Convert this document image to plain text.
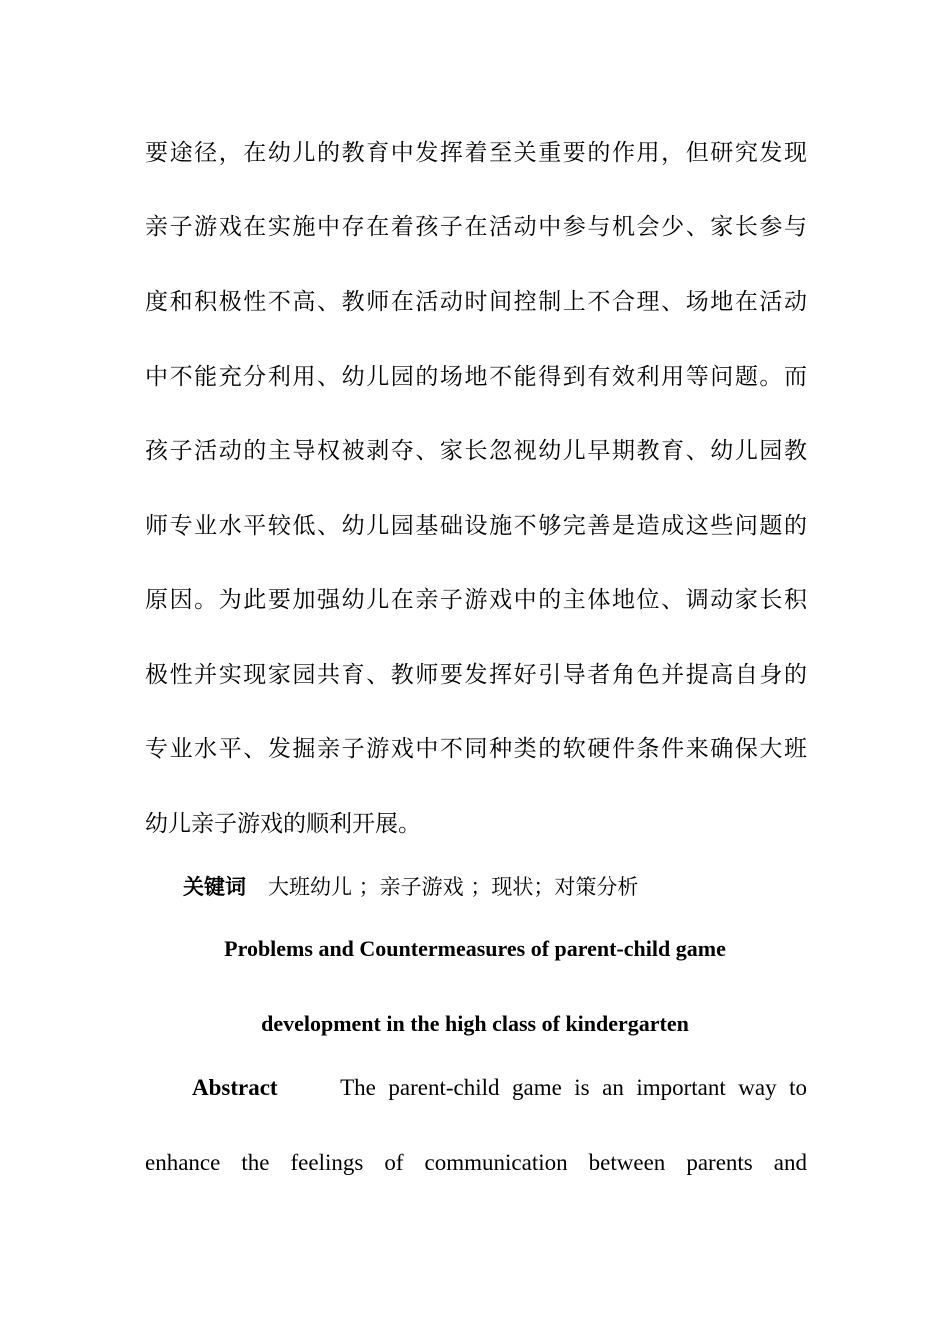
要途径，在幼儿的教育中发挥着至关重要的作用，但研究发现
亲子游戏在实施中存在着孩子在活动中参与机会少、家长参与
度和积极性不高、教师在活动时间控制上不合理、场地在活动
中不能充分利用、幼儿园的场地不能得到有效利用等问题。而
孩子活动的主导权被剥夺、家长忽视幼儿早期教育、幼儿园教
师专业水平较低、幼儿园基础设施不够完善是造成这些问题的
原因。为此要加强幼儿在亲子游戏中的主体地位、调动家长积
极性并实现家园共育、教师要发挥好引导者角色并提高自身的
专业水平、发掘亲子游戏中不同种类的软硬件条件来确保大班
幼儿亲子游戏的顺利开展。
关键词 大班幼儿 ；亲子游戏 ；现状；对策分析
Problems and Countermeasures of parent-child game
development in the high class of kindergarten
Abstract	The parent-child game is an important way to
enhance the feelings of communication between parents and
